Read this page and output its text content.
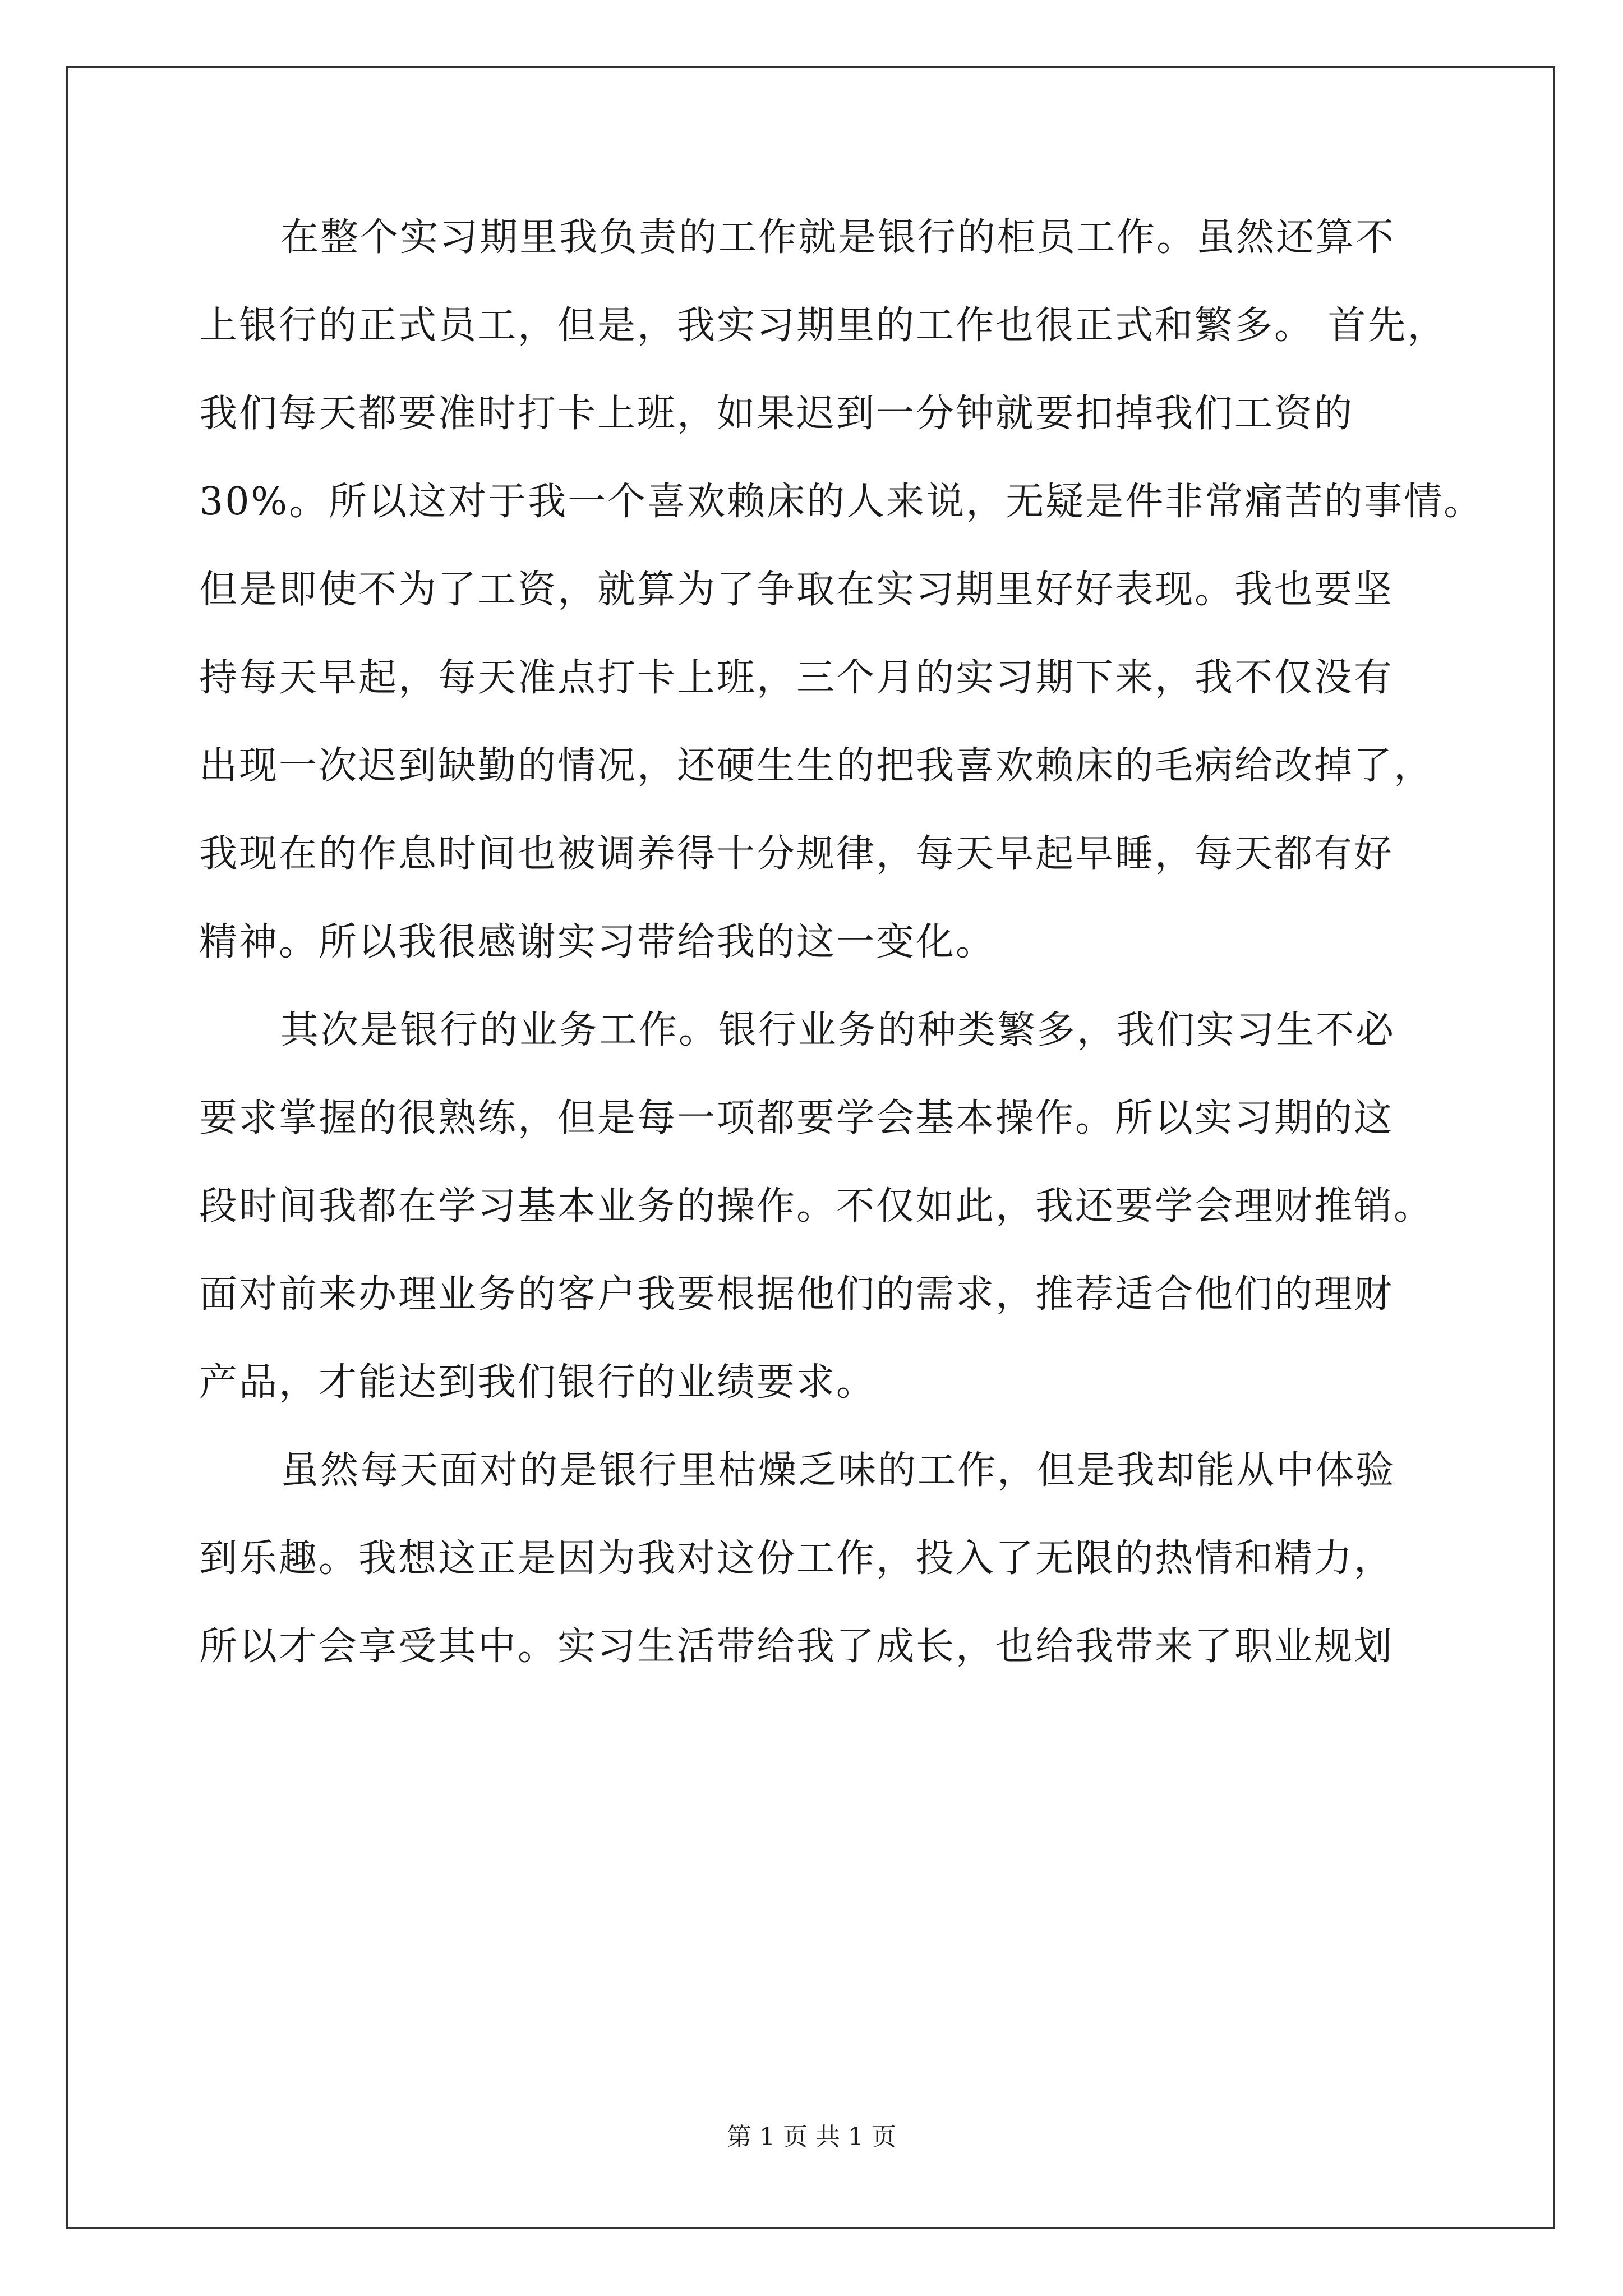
在整个实习期里我负责的工作就是银行的柜员工作。虽然还算不
上银行的正式员工，但是，我实习期里的工作也很正式和繁多。 首先，
我们每天都要准时打卡上班，如果迟到一分钟就要扣掉我们工资的
30%。所以这对于我一个喜欢赖床的人来说，无疑是件非常痛苦的事情。
但是即使不为了工资，就算为了争取在实习期里好好表现。我也要坚
持每天早起，每天准点打卡上班，三个月的实习期下来，我不仅没有
出现一次迟到缺勤的情况，还硬生生的把我喜欢赖床的毛病给改掉了，
我现在的作息时间也被调养得十分规律，每天早起早睡，每天都有好
精神。所以我很感谢实习带给我的这一变化。
其次是银行的业务工作。银行业务的种类繁多，我们实习生不必
要求掌握的很熟练，但是每一项都要学会基本操作。所以实习期的这
段时间我都在学习基本业务的操作。不仅如此，我还要学会理财推销。
面对前来办理业务的客户我要根据他们的需求，推荐适合他们的理财
产品，才能达到我们银行的业绩要求。
虽然每天面对的是银行里枯燥乏味的工作，但是我却能从中体验
到乐趣。我想这正是因为我对这份工作，投入了无限的热情和精力，
所以才会享受其中。实习生活带给我了成长，也给我带来了职业规划
第 1 页 共 1 页
